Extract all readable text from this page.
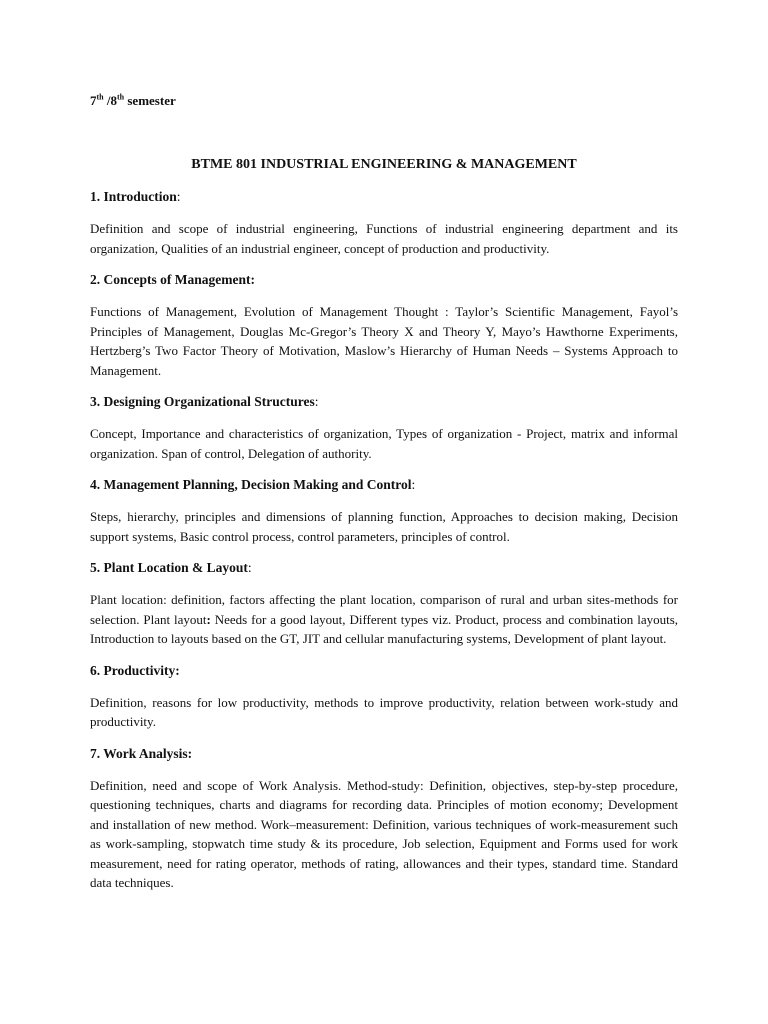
7th /8th semester

BTME 801 INDUSTRIAL ENGINEERING & MANAGEMENT

1. Introduction:

Definition and scope of industrial engineering, Functions of industrial engineering department and its organization, Qualities of an industrial engineer, concept of production and productivity.

2. Concepts of Management:

Functions of Management, Evolution of Management Thought : Taylor’s Scientific Management, Fayol’s Principles of Management, Douglas Mc-Gregor’s Theory X and Theory Y, Mayo’s Hawthorne Experiments, Hertzberg’s Two Factor Theory of Motivation, Maslow’s Hierarchy of Human Needs – Systems Approach to Management.

3. Designing Organizational Structures:

Concept, Importance and characteristics of organization, Types of organization - Project, matrix and informal organization. Span of control, Delegation of authority.

4. Management Planning, Decision Making and Control:

Steps, hierarchy, principles and dimensions of planning function, Approaches to decision making, Decision support systems, Basic control process, control parameters, principles of control.

5. Plant Location & Layout:

Plant location: definition, factors affecting the plant location, comparison of rural and urban sites-methods for selection. Plant layout: Needs for a good layout, Different types viz. Product, process and combination layouts, Introduction to layouts based on the GT, JIT and cellular manufacturing systems, Development of plant layout.

6. Productivity:

Definition, reasons for low productivity, methods to improve productivity, relation between work-study and productivity.

7. Work Analysis:

Definition, need and scope of Work Analysis. Method-study: Definition, objectives, step-by-step procedure, questioning techniques, charts and diagrams for recording data. Principles of motion economy; Development and installation of new method. Work–measurement: Definition, various techniques of work-measurement such as work-sampling, stopwatch time study & its procedure, Job selection, Equipment and Forms used for work measurement, need for rating operator, methods of rating, allowances and their types, standard time. Standard data techniques.
